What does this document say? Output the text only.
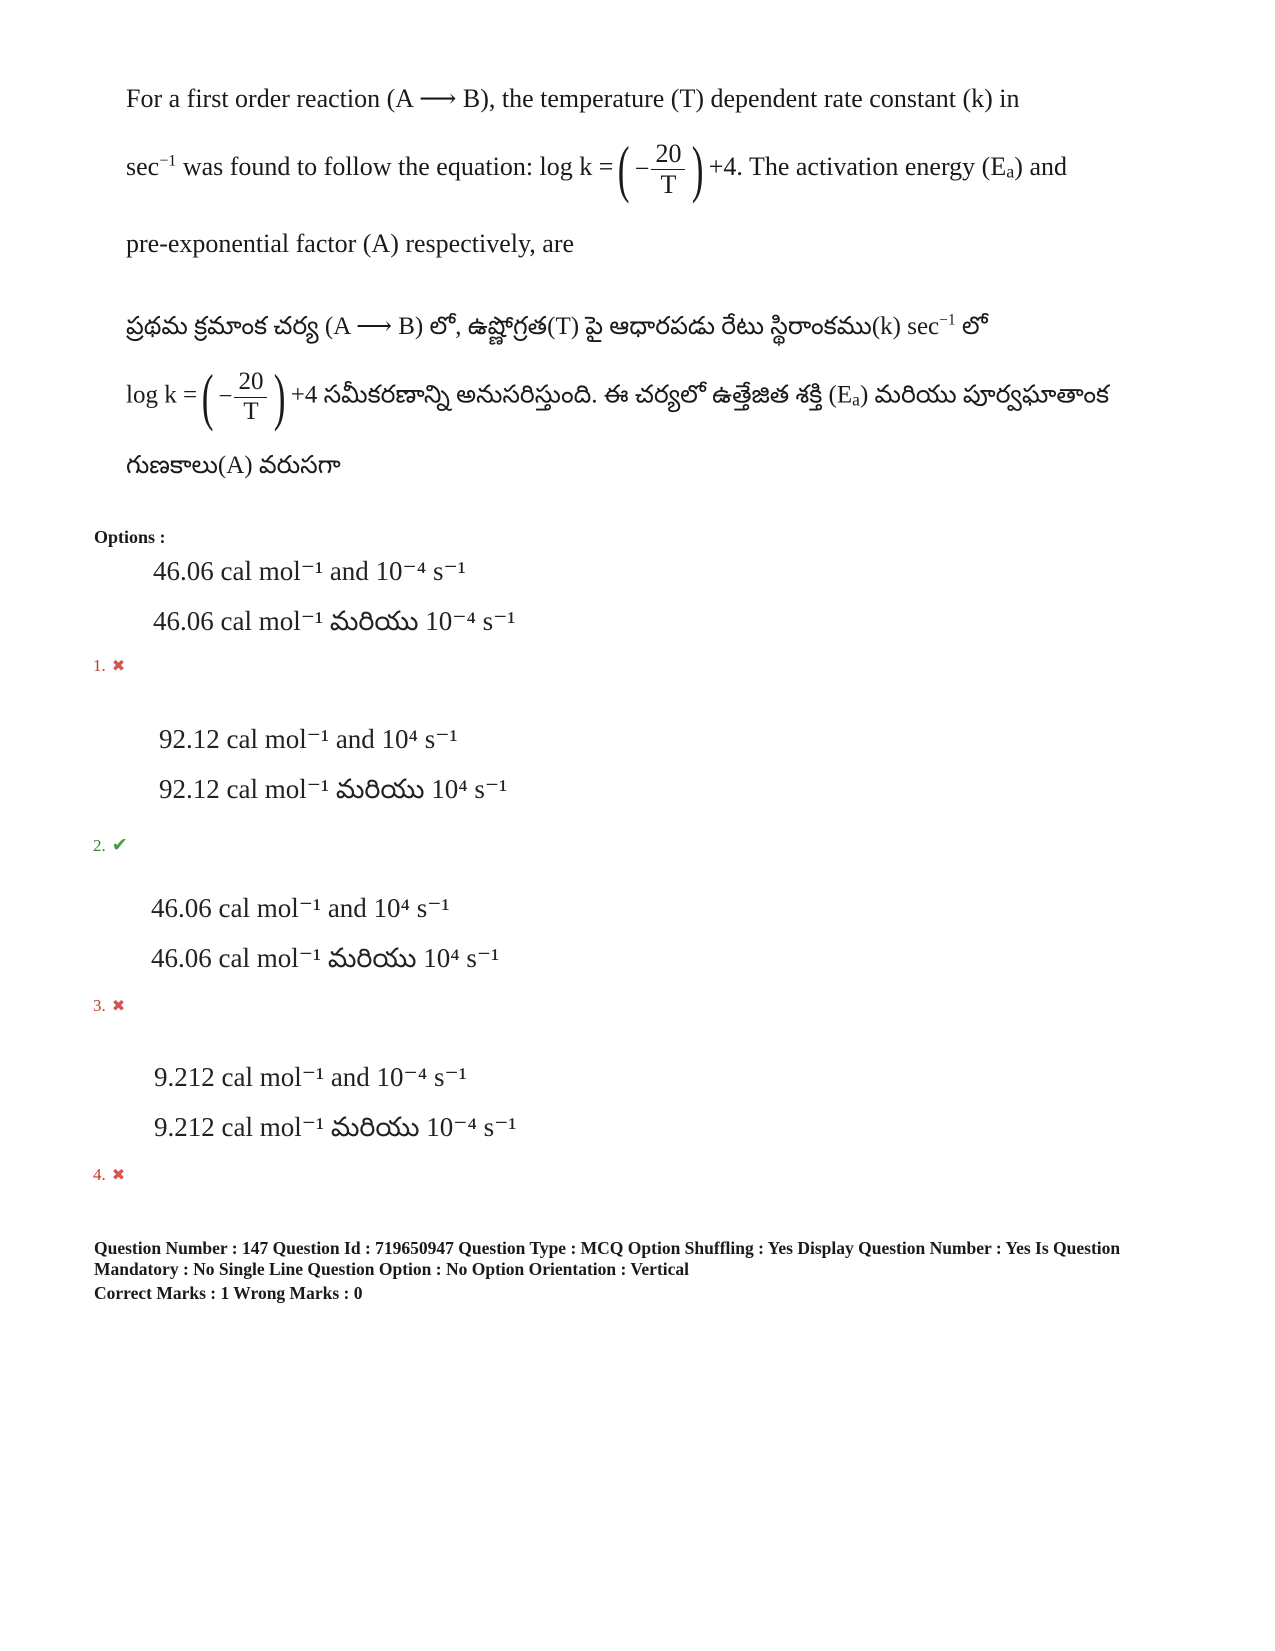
For a first order reaction (A ⟶ B), the temperature (T) dependent rate constant (k) in
$\sec^{-1}$ was found to follow the equation: log k = ( − $\frac{20}{T}$ ) +4. The activation energy (Ea) and
pre-exponential factor (A) respectively, are
ప్రథమ క్రమాంక చర్య (A ⟶ B) లో, ఉష్ణోగ్రత(T) పై ఆధారపడు రేటు స్థిరాంకము(k) $\sec^{-1}$ లో
log k = ( − $\frac{20}{T}$ ) +4 సమీకరణాన్ని అనుసరిస్తుంది. ఈ చర్యలో ఉత్తేజిత శక్తి (Ea) మరియు పూర్వఘాతాంక
గుణకాలు(A) వరుసగా
Options :
46.06 cal mol⁻¹ and 10⁻⁴ s⁻¹
46.06 cal mol⁻¹ మరియు 10⁻⁴ s⁻¹
1. ✖
92.12 cal mol⁻¹ and 10⁴ s⁻¹
92.12 cal mol⁻¹ మరియు 10⁴ s⁻¹
2. ✔
46.06 cal mol⁻¹ and 10⁴ s⁻¹
46.06 cal mol⁻¹ మరియు 10⁴ s⁻¹
3. ✖
9.212 cal mol⁻¹ and 10⁻⁴ s⁻¹
9.212 cal mol⁻¹ మరియు 10⁻⁴ s⁻¹
4. ✖
Question Number : 147 Question Id : 719650947 Question Type : MCQ Option Shuffling : Yes Display Question Number : Yes Is Question Mandatory : No Single Line Question Option : No Option Orientation : Vertical
Correct Marks : 1 Wrong Marks : 0
